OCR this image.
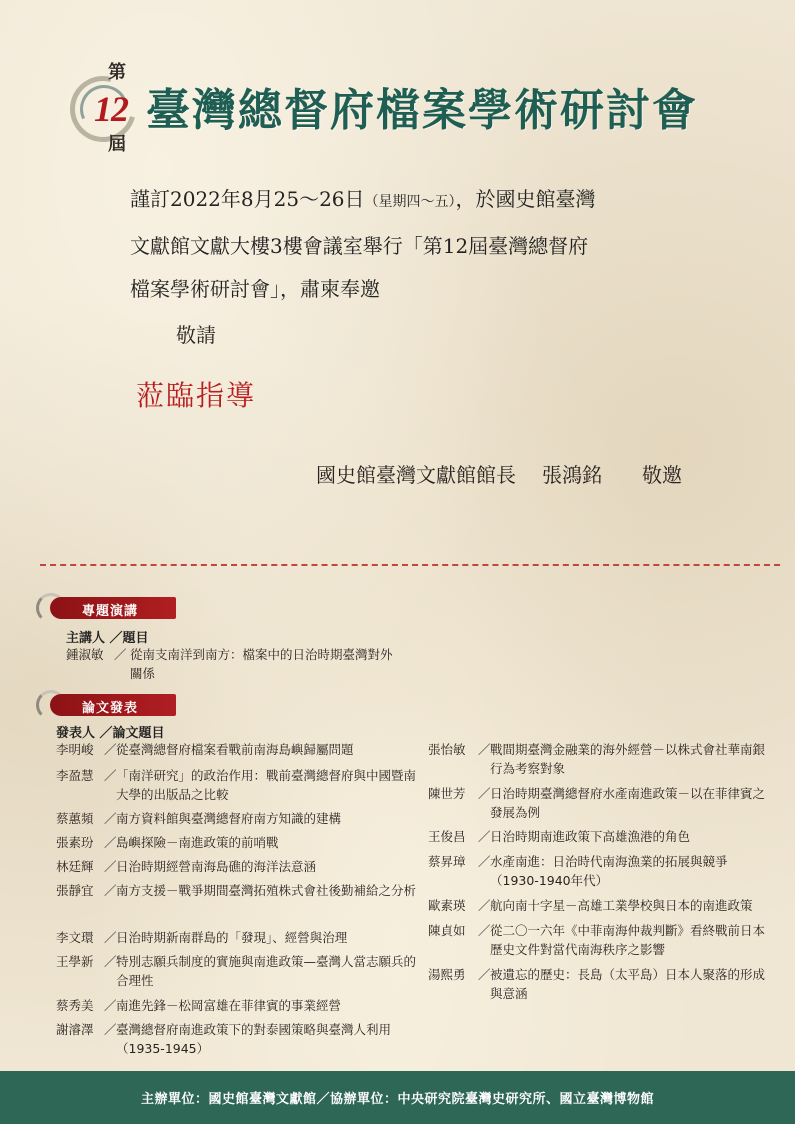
第
12
屆
臺灣總督府檔案學術研討會
謹訂2022年8月25～26日（星期四～五），於國史館臺灣
文獻館文獻大樓3樓會議室舉行「第12屆臺灣總督府
檔案學術研討會」，肅柬奉邀
敬請
蒞臨指導
國史館臺灣文獻館館長 張鴻銘 敬邀
專題演講
主講人 ／題目
鍾淑敏 ／ 從南支南洋到南方：檔案中的日治時期臺灣對外關係
論文發表
發表人 ／論文題目
李明峻 ／ 從臺灣總督府檔案看戰前南海島嶼歸屬問題
李盈慧 ／ 「南洋研究」的政治作用：戰前臺灣總督府與中國暨南大學的出版品之比較
蔡蕙頻 ／ 南方資料館與臺灣總督府南方知識的建構
張素玢 ／ 島嶼探險－南進政策的前哨戰
林廷輝 ／ 日治時期經營南海島礁的海洋法意涵
張靜宜 ／ 南方支援－戰爭期間臺灣拓殖株式會社後勤補給之分析
李文環 ／ 日治時期新南群島的「發現」、經營與治理
王學新 ／ 特別志願兵制度的實施與南進政策—臺灣人當志願兵的合理性
蔡秀美 ／ 南進先鋒－松岡富雄在菲律賓的事業經營
謝濬澤 ／ 臺灣總督府南進政策下的對泰國策略與臺灣人利用（1935-1945）
張怡敏 ／ 戰間期臺灣金融業的海外經營－以株式會社華南銀行為考察對象
陳世芳 ／ 日治時期臺灣總督府水產南進政策－以在菲律賓之發展為例
王俊昌 ／ 日治時期南進政策下高雄漁港的角色
蔡昇璋 ／ 水產南進：日治時代南海漁業的拓展與競爭（1930-1940年代）
歐素瑛 ／ 航向南十字星－高雄工業學校與日本的南進政策
陳貞如 ／ 從二〇一六年《中菲南海仲裁判斷》看終戰前日本歷史文件對當代南海秩序之影響
湯熙勇 ／ 被遺忘的歷史：長島（太平島）日本人聚落的形成與意涵
主辦單位：國史館臺灣文獻館／協辦單位：中央研究院臺灣史研究所、國立臺灣博物館
